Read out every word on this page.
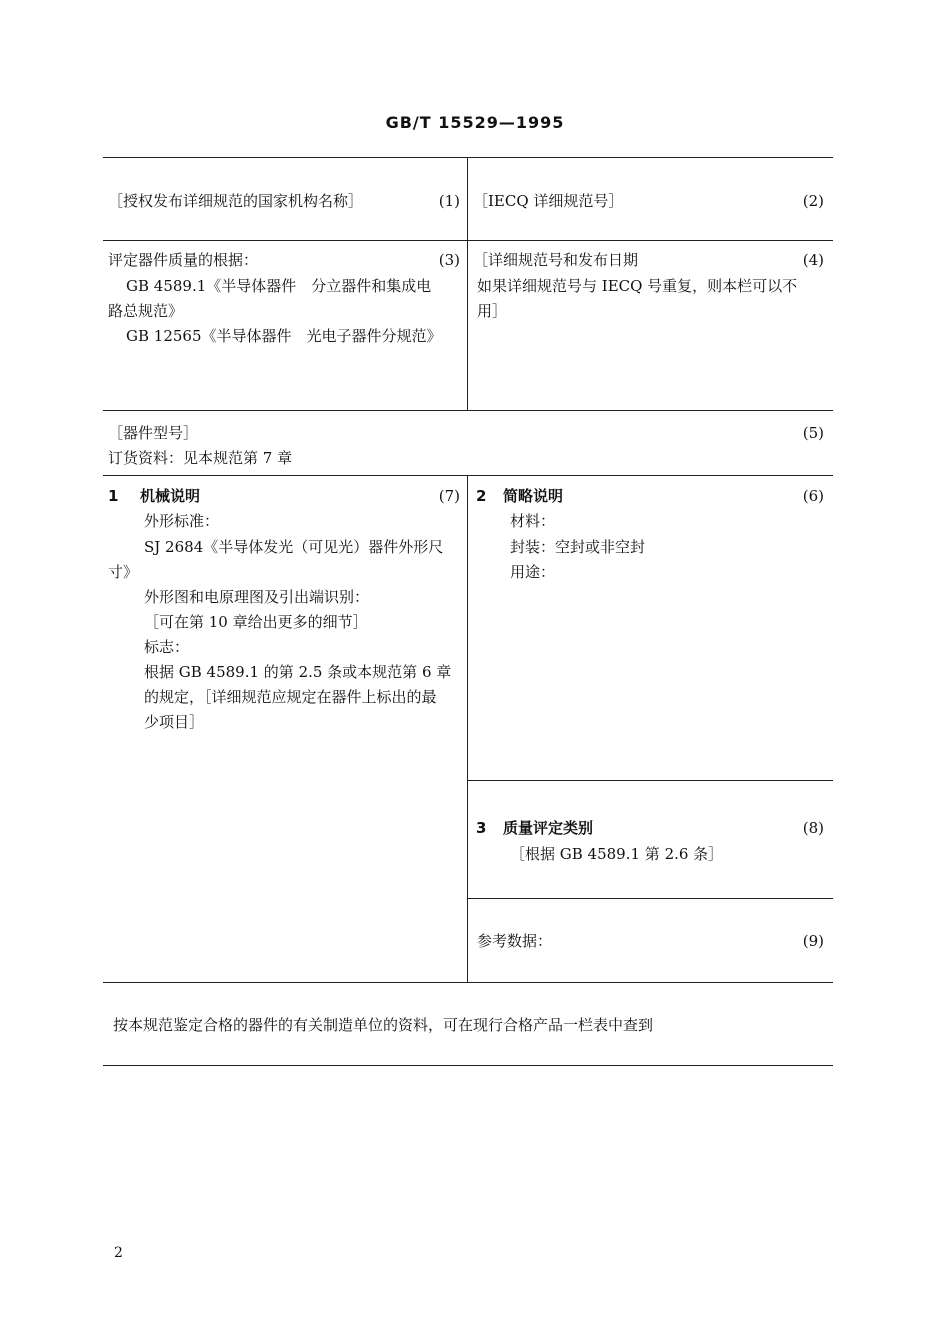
GB/T 15529—1995
［授权发布详细规范的国家机构名称］	(1) ［IECQ 详细规范号］	(2)
评定器件质量的根据：	(3)
GB 4589.1《半导体器件　分立器件和集成电
路总规范》
GB 12565《半导体器件　光电子器件分规范》
［详细规范号和发布日期	(4)
如果详细规范号与 IECQ 号重复，则本栏可以不
用］
［器件型号］	(5)
订货资料：见本规范第 7 章
1 机械说明	(7)
外形标准：
SJ 2684《半导体发光（可见光）器件外形尺
寸》
外形图和电原理图及引出端识别：
［可在第 10 章给出更多的细节］
标志：
根据 GB 4589.1 的第 2.5 条或本规范第 6 章
的规定，［详细规范应规定在器件上标出的最
少项目］
2 简略说明	(6)
材料：
封装：空封或非空封
用途：
3 质量评定类别	(8)
［根据 GB 4589.1 第 2.6 条］
参考数据：	(9)
按本规范鉴定合格的器件的有关制造单位的资料，可在现行合格产品一栏表中查到
2
